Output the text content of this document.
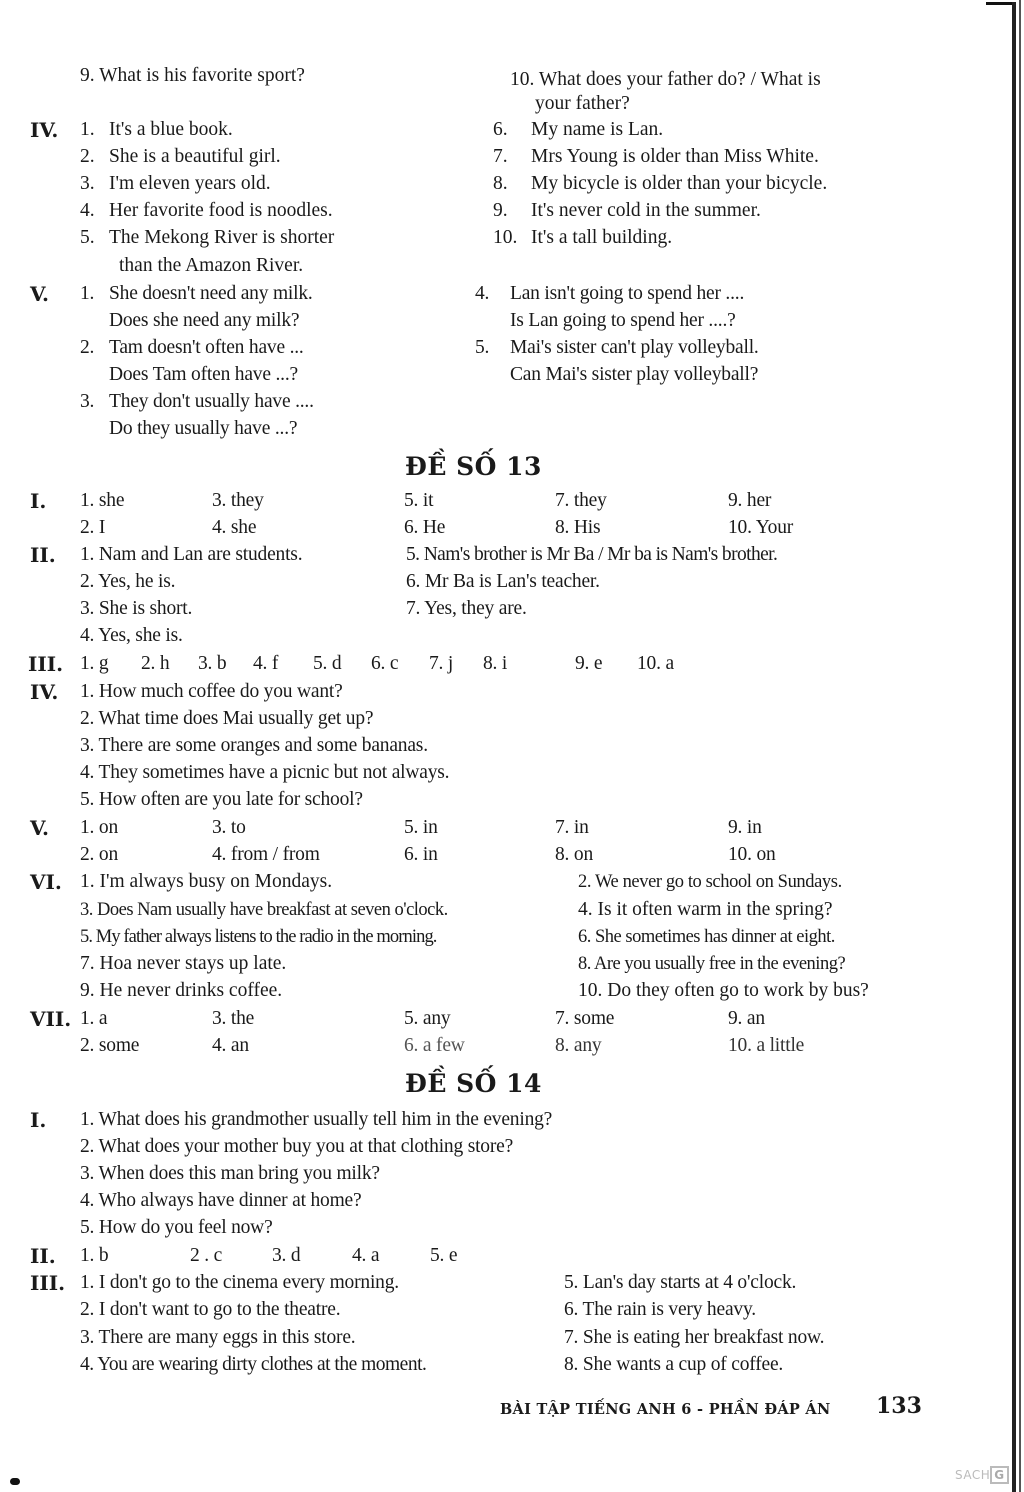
9. What is his favorite sport?	10. What does your father do? / What is
your father?
IV. 1. It's a blue book.
2. She is a beautiful girl.
3. I'm eleven years old.
4. Her favorite food is noodles.
5. The Mekong River is shorter
than the Amazon River.
6. My name is Lan.
7. Mrs Young is older than Miss White.
8. My bicycle is older than your bicycle.
9. It's never cold in the summer.
10. It's a tall building.
V. 1. She doesn't need any milk.
Does she need any milk?
2. Tam doesn't often have ...
Does Tam often have ...?
3. They don't usually have ....
Do they usually have ...?
4. Lan isn't going to spend her ....
Is Lan going to spend her ....?
5. Mai's sister can't play volleyball.
Can Mai's sister play volleyball?
ĐỀ SỐ 13
I. 1. she	3. they	5. it	7. they	9. her
2. I	4. she	6. He	8. His	10. Your
II. 1. Nam and Lan are students.
2. Yes, he is.
3. She is short.
4. Yes, she is.
5. Nam's brother is Mr Ba / Mr ba is Nam's brother.
6. Mr Ba is Lan's teacher.
7. Yes, they are.
III. 1. g 2. h 3. b 4. f 5. d 6. c 7. j 8. i	9. e 10. a
IV. 1. How much coffee do you want?
2. What time does Mai usually get up?
3. There are some oranges and some bananas.
4. They sometimes have a picnic but not always.
5. How often are you late for school?
V. 1. on	3. to	5. in	7. in	9. in
2. on	4. from / from	6. in	8. on	10. on
VI. 1. I'm always busy on Mondays.
3. Does Nam usually have breakfast at seven o'clock.
5. My father always listens to the radio in the morning.
7. Hoa never stays up late.
9. He never drinks coffee.
2. We never go to school on Sundays.
4. Is it often warm in the spring?
6. She sometimes has dinner at eight.
8. Are you usually free in the evening?
10. Do they often go to work by bus?
VII. 1. a	3. the	5. any	7. some	9. an
2. some	4. an	6. a few	8. any	10. a little
ĐỀ SỐ 14
I. 1. What does his grandmother usually tell him in the evening?
2. What does your mother buy you at that clothing store?
3. When does this man bring you milk?
4. Who always have dinner at home?
5. How do you feel now?
II. 1. b	2 . c	3. d	4. a	5. e
III. 1. I don't go to the cinema every morning.
2. I don't want to go to the theatre.
3. There are many eggs in this store.
4. You are wearing dirty clothes at the moment.
5. Lan's day starts at 4 o'clock.
6. The rain is very heavy.
7. She is eating her breakfast now.
8. She wants a cup of coffee.
BÀI TẬP TIẾNG ANH 6 - PHẦN ĐÁP ÁN 133
SACH G
